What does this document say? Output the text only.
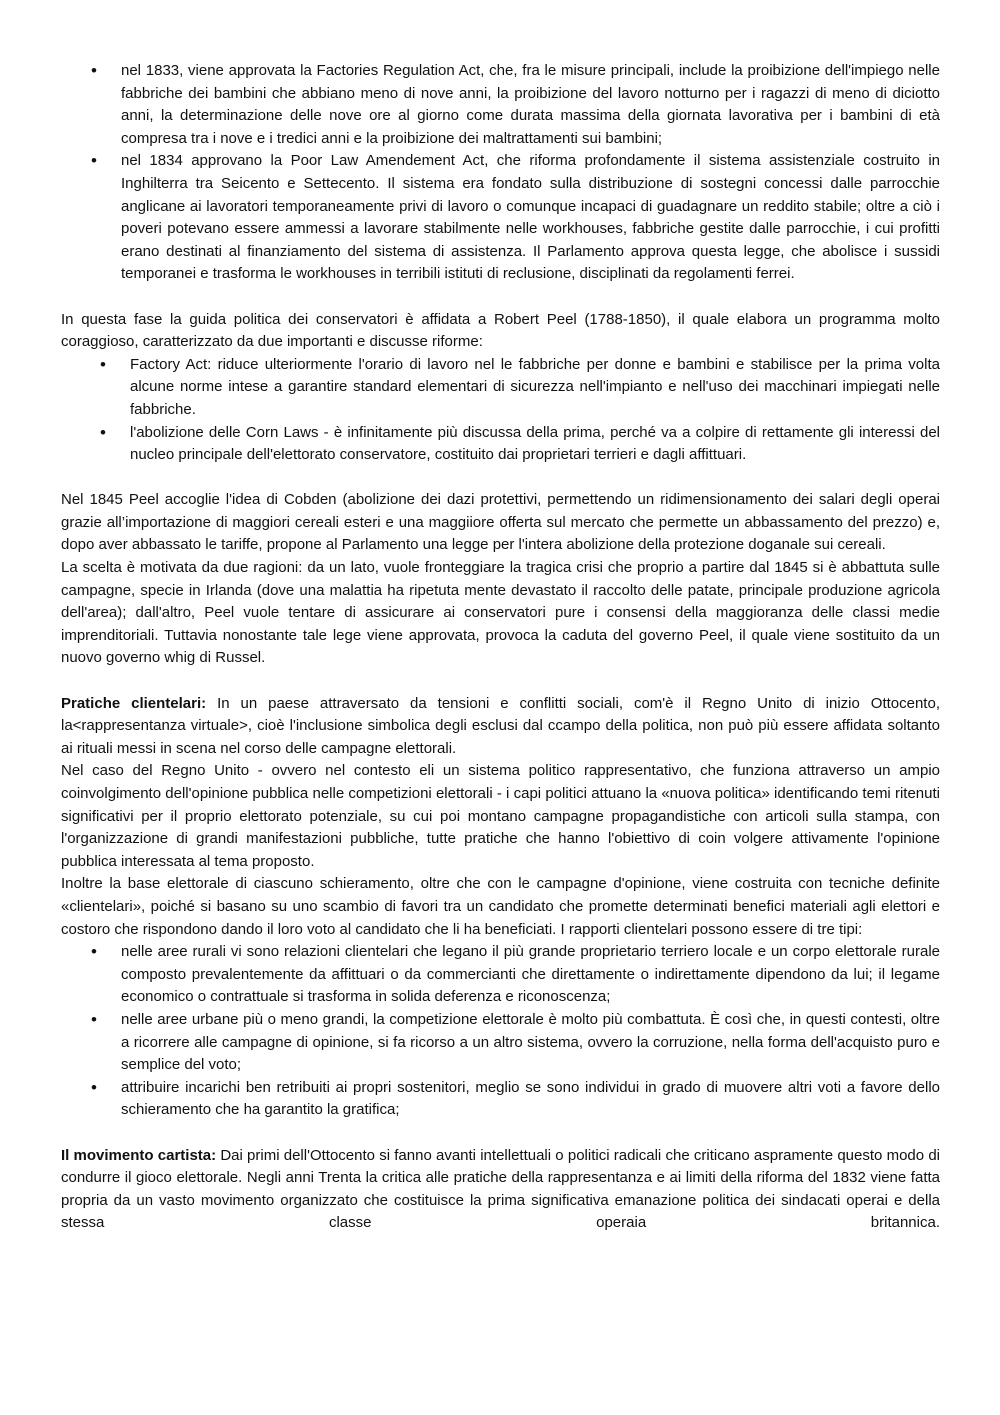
• nel 1833, viene approvata la Factories Regulation Act, che, fra le misure principali, include la proibizione dell'impiego nelle fabbriche dei bambini che abbiano meno di nove anni, la proibizione del lavoro notturno per i ragazzi di meno di diciotto anni, la determinazione delle nove ore al giorno come durata massima della giornata lavorativa per i bambini di età compresa tra i nove e i tredici anni e la proibizione dei maltrattamenti sui bambini;
• nel 1834 approvano la Poor Law Amendement Act, che riforma profondamente il sistema assistenziale costruito in Inghilterra tra Seicento e Settecento. Il sistema era fondato sulla distribuzione di sostegni concessi dalle parrocchie anglicane ai lavoratori temporaneamente privi di lavoro o comunque incapaci di guadagnare un reddito stabile; oltre a ciò i poveri potevano essere ammessi a lavorare stabilmente nelle workhouses, fabbriche gestite dalle parrocchie, i cui profitti erano destinati al finanziamento del sistema di assistenza. Il Parlamento approva questa legge, che abolisce i sussidi temporanei e trasforma le workhouses in terribili istituti di reclusione, disciplinati da regolamenti ferrei.

In questa fase la guida politica dei conservatori è affidata a Robert Peel (1788-1850), il quale elabora un programma molto coraggioso, caratterizzato da due importanti e discusse riforme:

• Factory Act: riduce ulteriormente l'orario di lavoro nel le fabbriche per donne e bambini e stabilisce per la prima volta alcune norme intese a garantire standard elementari di sicurezza nell'impianto e nell'uso dei macchinari impiegati nelle fabbriche.
• l'abolizione delle Corn Laws - è infinitamente più discussa della prima, perché va a colpire di rettamente gli interessi del nucleo principale dell'elettorato conservatore, costituito dai proprietari terrieri e dagli affittuari.

Nel 1845 Peel accoglie l'idea di Cobden (abolizione dei dazi protettivi, permettendo un ridimensionamento dei salari degli operai grazie all’importazione di maggiori cereali esteri e una maggiiore offerta sul mercato che permette un abbassamento del prezzo) e, dopo aver abbassato le tariffe, propone al Parlamento una legge per l'intera abolizione della protezione doganale sui cereali.

La scelta è motivata da due ragioni: da un lato, vuole fronteggiare la tragica crisi che proprio a partire dal 1845 si è abbattuta sulle campagne, specie in Irlanda (dove una malattia ha ripetuta mente devastato il raccolto delle patate, principale produzione agricola dell'area); dall'altro, Peel vuole tentare di assicurare ai conservatori pure i consensi della maggioranza delle classi medie imprenditoriali. Tuttavia nonostante tale lege viene approvata, provoca la caduta del governo Peel, il quale viene sostituito da un nuovo governo whig di Russel.

Pratiche clientelari: In un paese attraversato da tensioni e conflitti sociali, com'è il Regno Unito di inizio Ottocento, la<rappresentanza virtuale>, cioè l'inclusione simbolica degli esclusi dal ccampo della politica, non può più essere affidata soltanto ai rituali messi in scena nel corso delle campagne elettorali.

Nel caso del Regno Unito - ovvero nel contesto eli un sistema politico rappresentativo, che funziona attraverso un ampio coinvolgimento dell'opinione pubblica nelle competizioni elettorali - i capi politici attuano la «nuova politica» identificando temi ritenuti significativi per il proprio elettorato potenziale, su cui poi montano campagne propagandistiche con articoli sulla stampa, con l'organizzazione di grandi manifestazioni pubbliche, tutte pratiche che hanno l'obiettivo di coin volgere attivamente l'opinione pubblica interessata al tema proposto.

Inoltre la base elettorale di ciascuno schieramento, oltre che con le campagne d'opinione, viene costruita con tecniche definite «clientelari», poiché si basano su uno scambio di favori tra un candidato che promette determinati benefici materiali agli elettori e costoro che rispondono dando il loro voto al candidato che li ha beneficiati. I rapporti clientelari possono essere di tre tipi:

• nelle aree rurali vi sono relazioni clientelari che legano il più grande proprietario terriero locale e un corpo elettorale rurale composto prevalentemente da affittuari o da commercianti che direttamente o indirettamente dipendono da lui; il legame economico o contrattuale si trasforma in solida deferenza e riconoscenza;
• nelle aree urbane più o meno grandi, la competizione elettorale è molto più combattuta. È così che, in questi contesti, oltre a ricorrere alle campagne di opinione, si fa ricorso a un altro sistema, ovvero la corruzione, nella forma dell'acquisto puro e semplice del voto;
• attribuire incarichi ben retribuiti ai propri sostenitori, meglio se sono individui in grado di muovere altri voti a favore dello schieramento che ha garantito la gratifica;

Il movimento cartista: Dai primi dell'Ottocento si fanno avanti intellettuali o politici radicali che criticano aspramente questo modo di condurre il gioco elettorale. Negli anni Trenta la critica alle pratiche della rappresentanza e ai limiti della riforma del 1832 viene fatta propria da un vasto movimento organizzato che costituisce la prima significativa emanazione politica dei sindacati operai e della stessa classe operaia britannica.
